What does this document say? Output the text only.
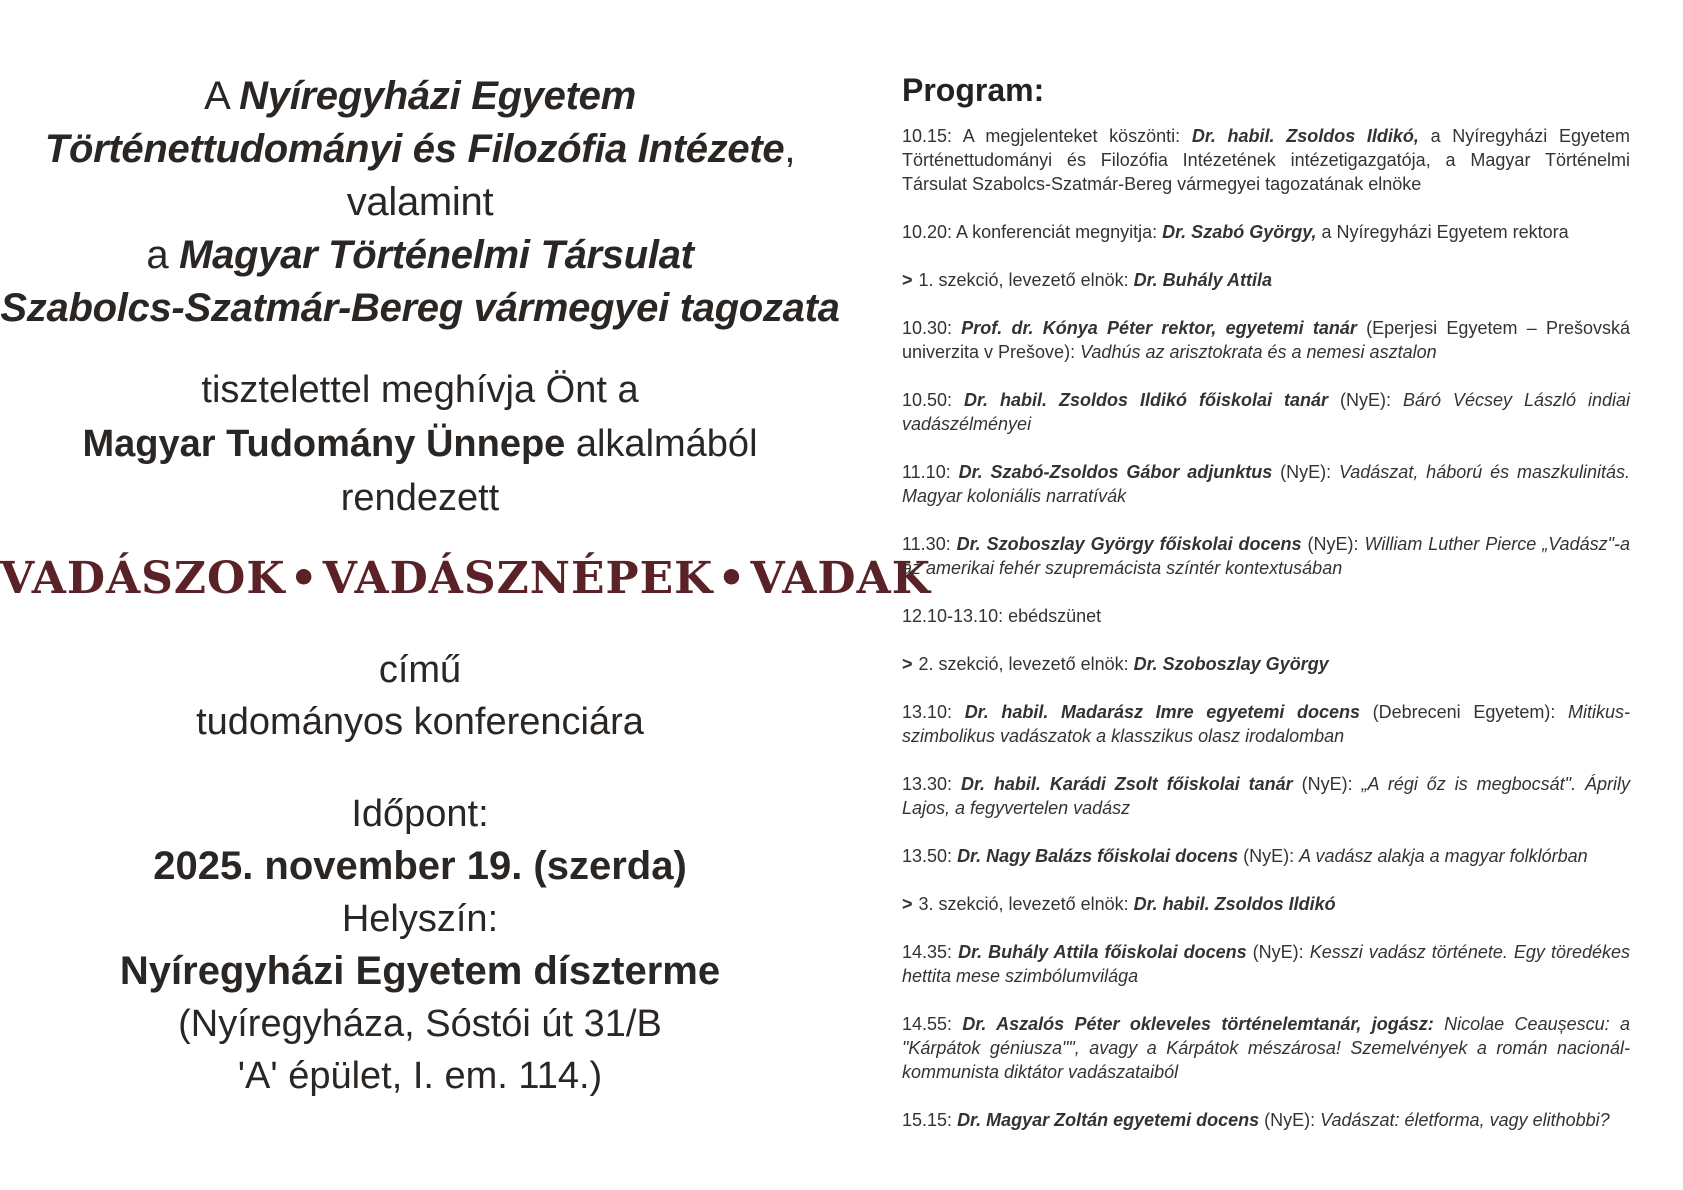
A Nyíregyházi Egyetem
Történettudományi és Filozófia Intézete,
valamint
a Magyar Történelmi Társulat
Szabolcs-Szatmár-Bereg vármegyei tagozata
tisztelettel meghívja Önt a
Magyar Tudomány Ünnepe alkalmából rendezett
VADÁSZOK•VADÁSZNÉPEK•VADAK
című
tudományos konferenciára
Időpont:
2025. november 19. (szerda)
Helyszín:
Nyíregyházi Egyetem díszterme
(Nyíregyháza, Sóstói út 31/B
'A' épület, I. em. 114.)
Program:
10.15: A megjelenteket köszönti: Dr. habil. Zsoldos Ildikó, a Nyíregyházi Egyetem Történettudományi és Filozófia Intézetének intézetigazgatója, a Magyar Történelmi Társulat Szabolcs-Szatmár-Bereg vármegyei tagozatának elnöke
10.20: A konferenciát megnyitja: Dr. Szabó György, a Nyíregyházi Egyetem rektora
> 1. szekció, levezető elnök: Dr. Buhály Attila
10.30: Prof. dr. Kónya Péter rektor, egyetemi tanár (Eperjesi Egyetem – Prešovská univerzita v Prešove): Vadhús az arisztokrata és a nemesi asztalon
10.50: Dr. habil. Zsoldos Ildikó főiskolai tanár (NyE): Báró Vécsey László indiai vadászélményei
11.10: Dr. Szabó-Zsoldos Gábor adjunktus (NyE): Vadászat, háború és maszkulinitás. Magyar koloniális narratívák
11.30: Dr. Szoboszlay György főiskolai docens (NyE): William Luther Pierce „Vadász"-a az amerikai fehér szupremácista színtér kontextusában
12.10-13.10: ebédszünet
> 2. szekció, levezető elnök: Dr. Szoboszlay György
13.10: Dr. habil. Madarász Imre egyetemi docens (Debreceni Egyetem): Mitikus-szimbolikus vadászatok a klasszikus olasz irodalomban
13.30: Dr. habil. Karádi Zsolt főiskolai tanár (NyE): „A régi őz is megbocsát". Áprily Lajos, a fegyvertelen vadász
13.50: Dr. Nagy Balázs főiskolai docens (NyE): A vadász alakja a magyar folklórban
> 3. szekció, levezető elnök: Dr. habil. Zsoldos Ildikó
14.35: Dr. Buhály Attila főiskolai docens (NyE): Kesszi vadász története. Egy töredékes hettita mese szimbólumvilága
14.55: Dr. Aszalós Péter okleveles történelemtanár, jogász: Nicolae Ceaușescu: a "Kárpátok géniusza"", avagy a Kárpátok mészárosa! Szemelvények a román nacionál-kommunista diktátor vadászataiból
15.15: Dr. Magyar Zoltán egyetemi docens (NyE): Vadászat: életforma, vagy elithobbi?
